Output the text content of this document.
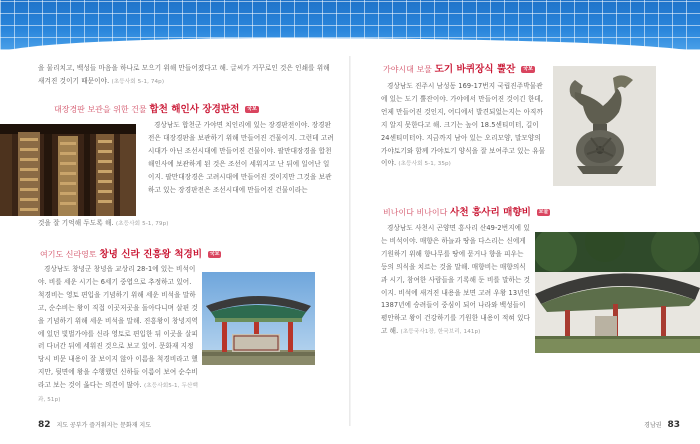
을 물리치고, 백성들 마음을 하나로 모으기 위해 만들어졌다고 해. 글씨가 거꾸로인 것은 인쇄를 위해 새겨진 것이기 때문이야. (초등사회 5-1, 74p)

대장경판 보관을 위한 건물 합천 해인사 장경판전 국보

경상남도 합천군 가야면 치인리에 있는 장경판전이야. 장경판전은 대장경판을 보관하기 위해 만들어진 건물이지. 그런데 고려시대가 아닌 조선시대에 만들어진 건물이야. 팔만대장경을 합천 해인사에 보관하게 된 것은 조선이 세워지고 난 뒤에 일어난 일이지. 팔만대장경은 고려시대에 만들어진 것이지만 그것을 보관하고 있는 장경판전은 조선시대에 만들어진 건물이라는

것을 잘 기억해 두도록 해. (초등사회 5-1, 79p)

여기도 신라영토 창녕 신라 진흥왕 척경비 국보

경상남도 창녕군 창녕읍 교상리 28-1에 있는 비석이야. 비를 세운 시기는 6세기 중엽으로 추정하고 있어. 척경비는 영토 편입을 기념하기 위해 세운 비석을 말하고, 순수비는 왕이 직접 이곳저곳을 돌아다니며 살핀 것을 기념하기 위해 세운 비석을 말해. 진흥왕이 창녕지역에 있던 빛벌가야를 신라 영토로 편입한 뒤 이곳을 살피러 다녀간 뒤에 세워진 것으로 보고 있어. 문화재 지정 당시 비문 내용이 잘 보이지 않아 이름을 척경비라고 했지만, 뒷면에 왕을 수행했던 신하들 이름이 보여 순수비라고 보는 것이 옳다는 의견이 많아. (초등사회5-1, 두산백과, 51p)

82 지도 공부가 즐거워지는 문화재 지도
가야시대 보물 도기 바퀴장식 뿔잔 국보

경상남도 진주시 남성동 169-17번지 국립진주박물관에 있는 도기 뿔잔이야. 가야에서 만들어진 것이긴 한데, 언제 만들어진 것인지, 어디에서 발견되었는지는 아직까지 알지 못한다고 해. 크기는 높이 18.5센티미터, 길이 24센티미터야. 지금까지 남아 있는 오리모양, 말모양의 가야토기와 함께 가야토기 양식을 잘 보여주고 있는 유물이야. (초등사회 5-1, 35p)

비나이다 비나이다 사천 흥사리 매향비 보물

경상남도 사천시 곤양면 흥사리 산49-2번지에 있는 비석이야. 매향은 하늘과 땅을 다스리는 신에게 기원하기 위해 향나무를 땅에 묻거나 향을 피우는 등의 의식을 치르는 것을 말해. 매향비는 매향의식과 시기, 참여한 사람들을 기록해 둔 비를 말하는 것이지. 비석에 새겨진 내용을 보면 고려 우왕 13년인 1387년에 승려들이 중심이 되어 나라와 백성들이 평안하고 왕이 건강하기를 기원한 내용이 적혀 있다고 해. (초등국사1장, 한국브리, 141p)

경남권 83
